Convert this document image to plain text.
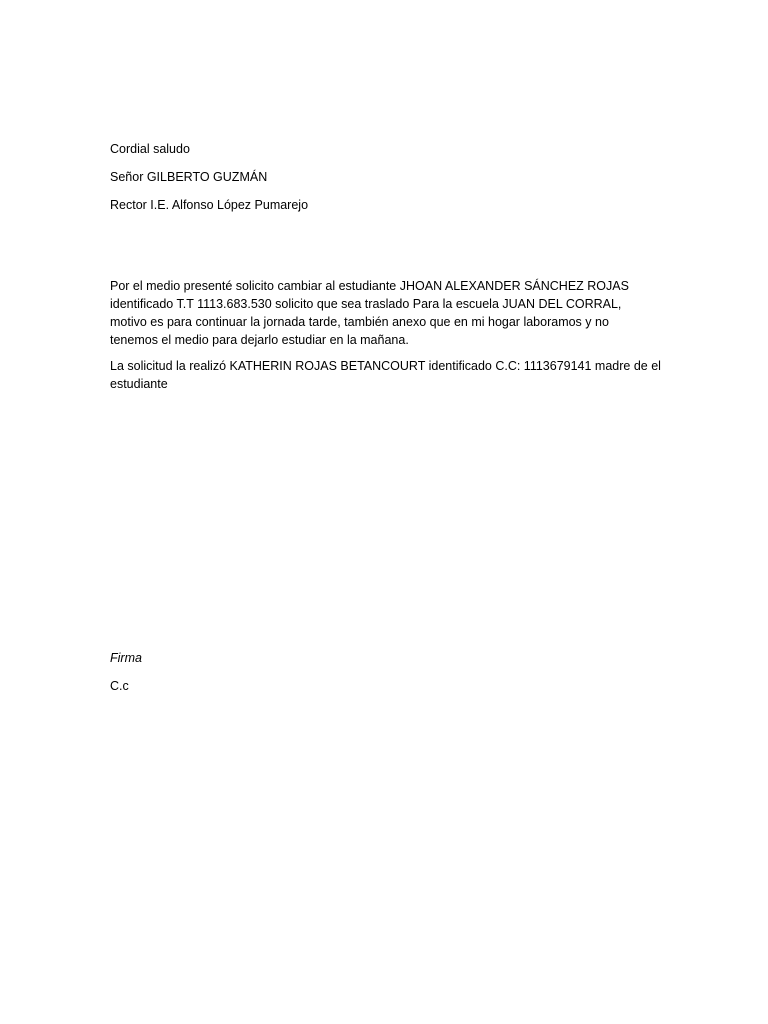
Cordial saludo

Señor GILBERTO GUZMÁN

Rector I.E. Alfonso López Pumarejo

Por el medio presenté solicito cambiar al estudiante JHOAN ALEXANDER SÁNCHEZ ROJAS
identificado T.T 1113.683.530 solicito que sea traslado Para la escuela JUAN DEL CORRAL,
motivo es para continuar la jornada tarde, también anexo que en mi hogar laboramos y no
tenemos el medio para dejarlo estudiar en la mañana.
La solicitud la realizó KATHERIN ROJAS BETANCOURT identificado C.C: 1113679141 madre de el
estudiante

Firma

C.c
